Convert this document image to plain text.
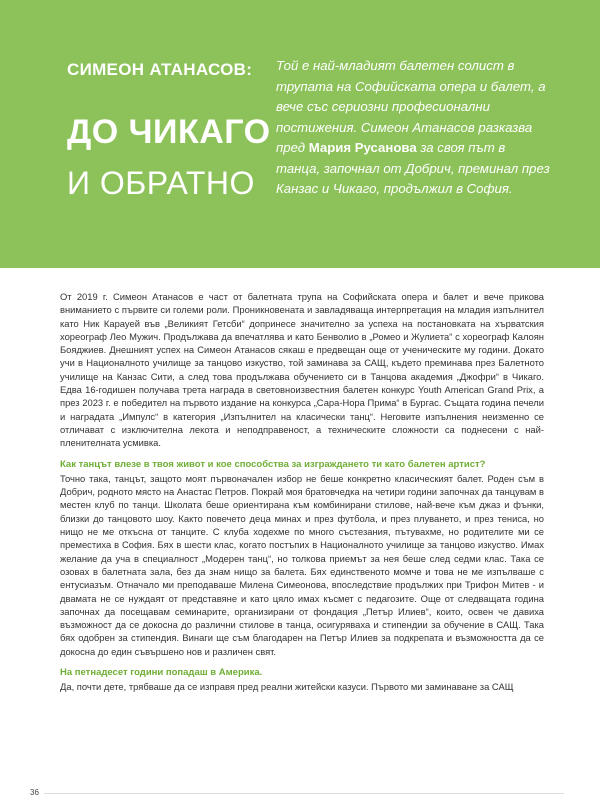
СИМЕОН АТАНАСОВ:
ДО ЧИКАГО
И ОБРАТНО
Той е най-младият балетен солист в трупата на Софийската опера и балет, а вече със сериозни професионални постижения. Симеон Атанасов разказва пред Мария Русанова за своя път в танца, започнал от Добрич, преминал през Канзас и Чикаго, продължил в София.

От 2019 г. Симеон Атанасов е част от балетната трупа на Софийската опера и балет и вече прикова вниманието с първите си големи роли. Проникновената и завладяваща интерпретация на младия изпълнител като Ник Карауей във „Великият Гетсби“ допринесе значително за успеха на постановката на хърватския хореограф Лео Мужич. Продължава да впечатлява и като Бенволио в „Ромео и Жулиета“ с хореограф Калоян Бояджиев. Днешният успех на Симеон Атанасов сякаш е предвещан още от ученическите му години. Докато учи в Националното училище за танцово изкуство, той заминава за САЩ, където преминава през Балетното училище на Канзас Сити, а след това продължава обучението си в Танцова академия „Джофри“ в Чикаго. Едва 16-годишен получава трета награда в световноизвестния балетен конкурс Youth American Grand Prix, а през 2023 г. е победител на първото издание на конкурса „Сара-Нора Прима“ в Бургас. Същата година печели и наградата „Импулс“ в категория „Изпълнител на класически танц“. Неговите изпълнения неизменно се отличават с изключителна лекота и неподправеност, а техническите сложности са поднесени с най-пленителната усмивка.

Как танцът влезе в твоя живот и кое способства за изграждането ти като балетен артист?

Точно така, танцът, защото моят първоначален избор не беше конкретно класическият балет. Роден съм в Добрич, родното място на Анастас Петров. Покрай моя братовчедка на четири години започнах да танцувам в местен клуб по танци. Школата беше ориентирана към комбинирани стилове, най-вече към джаз и фънки, близки до танцовото шоу. Както повечето деца минах и през футбола, и през плуването, и през тениса, но нищо не ме откъсна от танците. С клуба ходехме по много състезания, пътувахме, но родителите ми се преместиха в София. Бях в шести клас, когато постъпих в Националното училище за танцово изкуство. Имах желание да уча в специалност „Модерен танц“, но толкова приемът за нея беше след седми клас. Така се озовах в балетната зала, без да знам нищо за балета. Бях единственото момче и това не ме изпълваше с ентусиазъм. Отначало ми преподаваше Милена Симеонова, впоследствие продължих при Трифон Митев - и двамата не се нуждаят от представяне и като цяло имах късмет с педагозите. Още от следващата година започнах да посещавам семинарите, организирани от фондация „Петър Илиев“, които, освен че давиха възможност да се докосна до различни стилове в танца, осигуряваха и стипендии за обучение в САЩ. Така бях одобрен за стипендия. Винаги ще съм благодарен на Петър Илиев за подкрепата и възможността да се докосна до един съвършено нов и различен свят.

На петнадесет години попадаш в Америка.

Да, почти дете, трябваше да се изправя пред реални житейски казуси. Първото ми заминаване за САЩ

36
